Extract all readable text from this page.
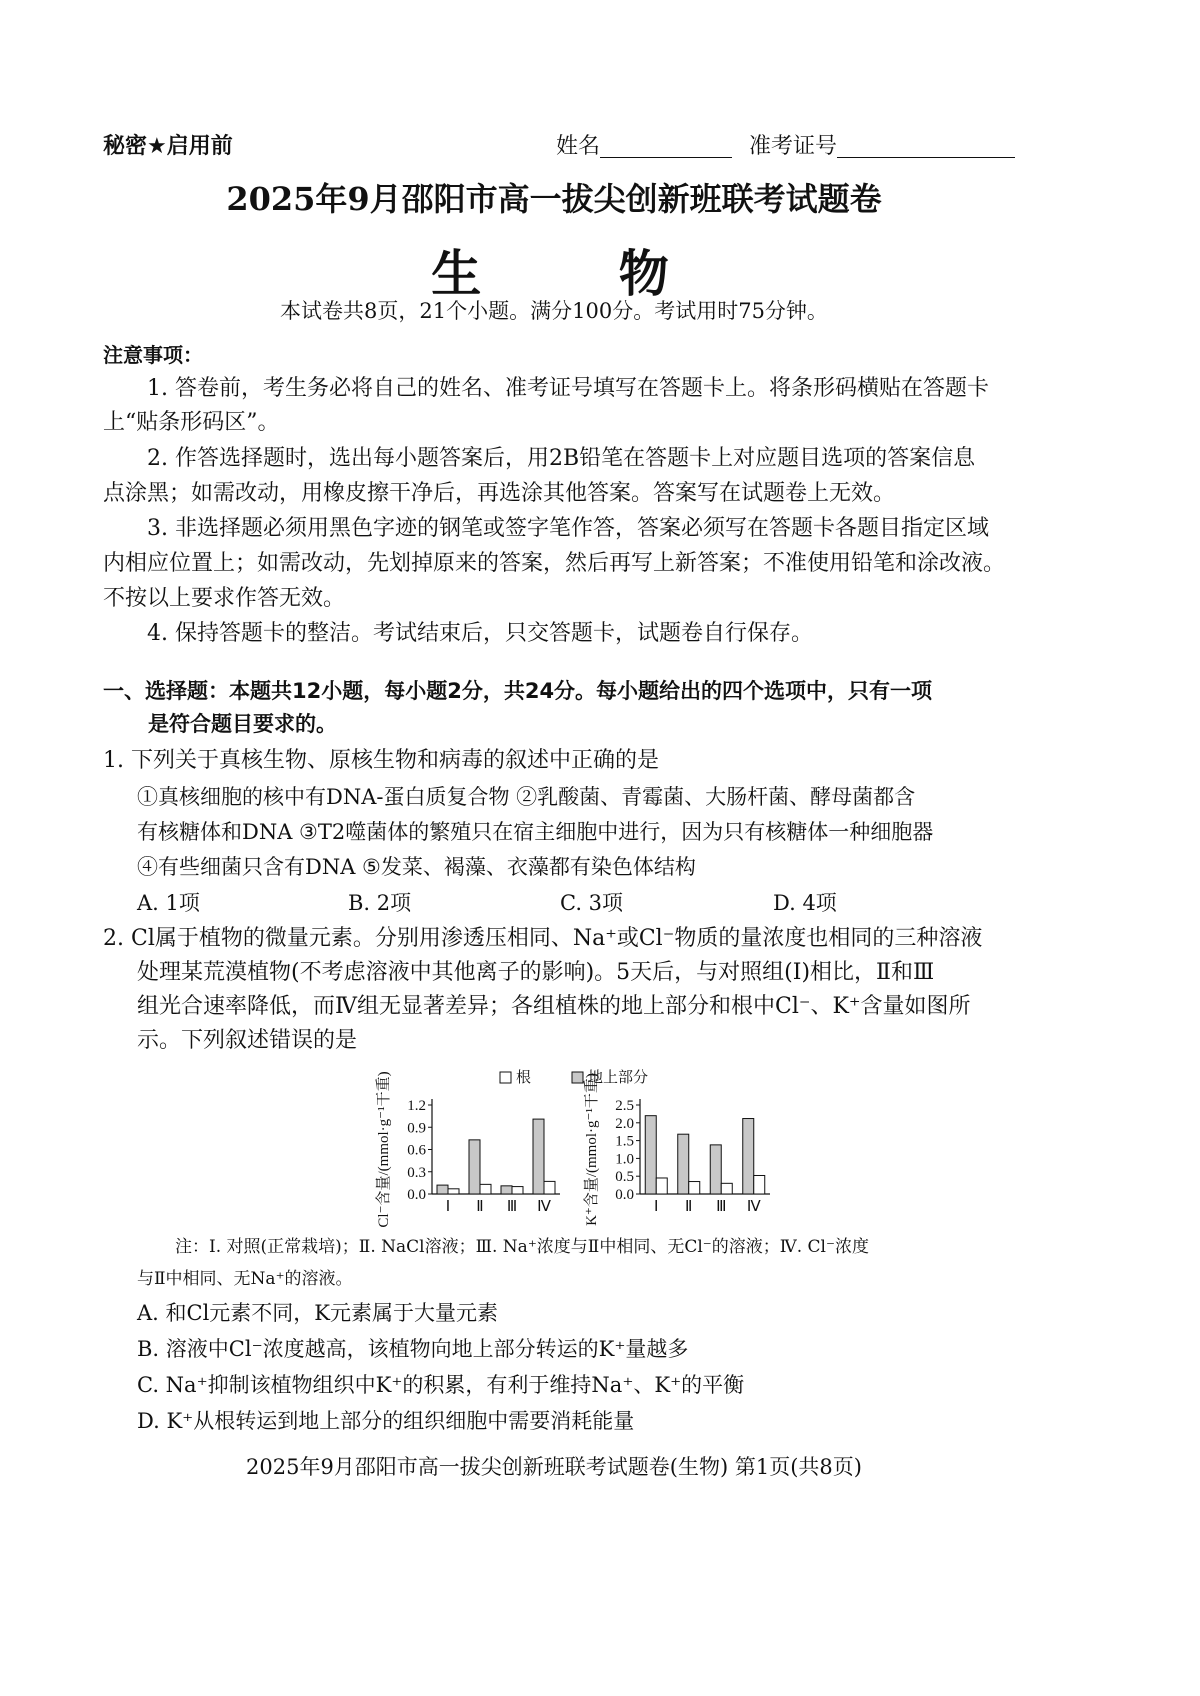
秘密★启用前	姓名	准考证号
2025年9月邵阳市高一拔尖创新班联考试题卷
生 物
本试卷共8页，21个小题。满分100分。考试用时75分钟。
注意事项：
1. 答卷前，考生务必将自己的姓名、准考证号填写在答题卡上。将条形码横贴在答题卡
上“贴条形码区”。
2. 作答选择题时，选出每小题答案后，用2B铅笔在答题卡上对应题目选项的答案信息
点涂黑；如需改动，用橡皮擦干净后，再选涂其他答案。答案写在试题卷上无效。
3. 非选择题必须用黑色字迹的钢笔或签字笔作答，答案必须写在答题卡各题目指定区域
内相应位置上；如需改动，先划掉原来的答案，然后再写上新答案；不准使用铅笔和涂改液。
不按以上要求作答无效。
4. 保持答题卡的整洁。考试结束后，只交答题卡，试题卷自行保存。
一、选择题：本题共12小题，每小题2分，共24分。每小题给出的四个选项中，只有一项
是符合题目要求的。
1. 下列关于真核生物、原核生物和病毒的叙述中正确的是
①真核细胞的核中有DNA-蛋白质复合物 ②乳酸菌、青霉菌、大肠杆菌、酵母菌都含
有核糖体和DNA ③T2噬菌体的繁殖只在宿主细胞中进行，因为只有核糖体一种细胞器
④有些细菌只含有DNA ⑤发菜、褐藻、衣藻都有染色体结构
A. 1项	B. 2项	C. 3项	D. 4项
2. Cl属于植物的微量元素。分别用渗透压相同、Na⁺或Cl⁻物质的量浓度也相同的三种溶液
处理某荒漠植物(不考虑溶液中其他离子的影响)。5天后，与对照组(Ⅰ)相比，Ⅱ和Ⅲ
组光合速率降低，而Ⅳ组无显著差异；各组植株的地上部分和根中Cl⁻、K⁺含量如图所
示。下列叙述错误的是
根	地上部分
0.0
0.3
0.6
0.9
1.2
Cl⁻含量/(mmol·g⁻¹干重)	Ⅰ Ⅱ Ⅲ Ⅳ
0.0
0.5
1.0
1.5
2.0
2.5
K⁺含量/(mmol·g⁻¹干重)	Ⅰ Ⅱ Ⅲ Ⅳ
注：Ⅰ. 对照(正常栽培)；Ⅱ. NaCl溶液；Ⅲ. Na⁺浓度与Ⅱ中相同、无Cl⁻的溶液；Ⅳ. Cl⁻浓度
与Ⅱ中相同、无Na⁺的溶液。
A. 和Cl元素不同，K元素属于大量元素
B. 溶液中Cl⁻浓度越高，该植物向地上部分转运的K⁺量越多
C. Na⁺抑制该植物组织中K⁺的积累，有利于维持Na⁺、K⁺的平衡
D. K⁺从根转运到地上部分的组织细胞中需要消耗能量
2025年9月邵阳市高一拔尖创新班联考试题卷(生物) 第1页(共8页)
